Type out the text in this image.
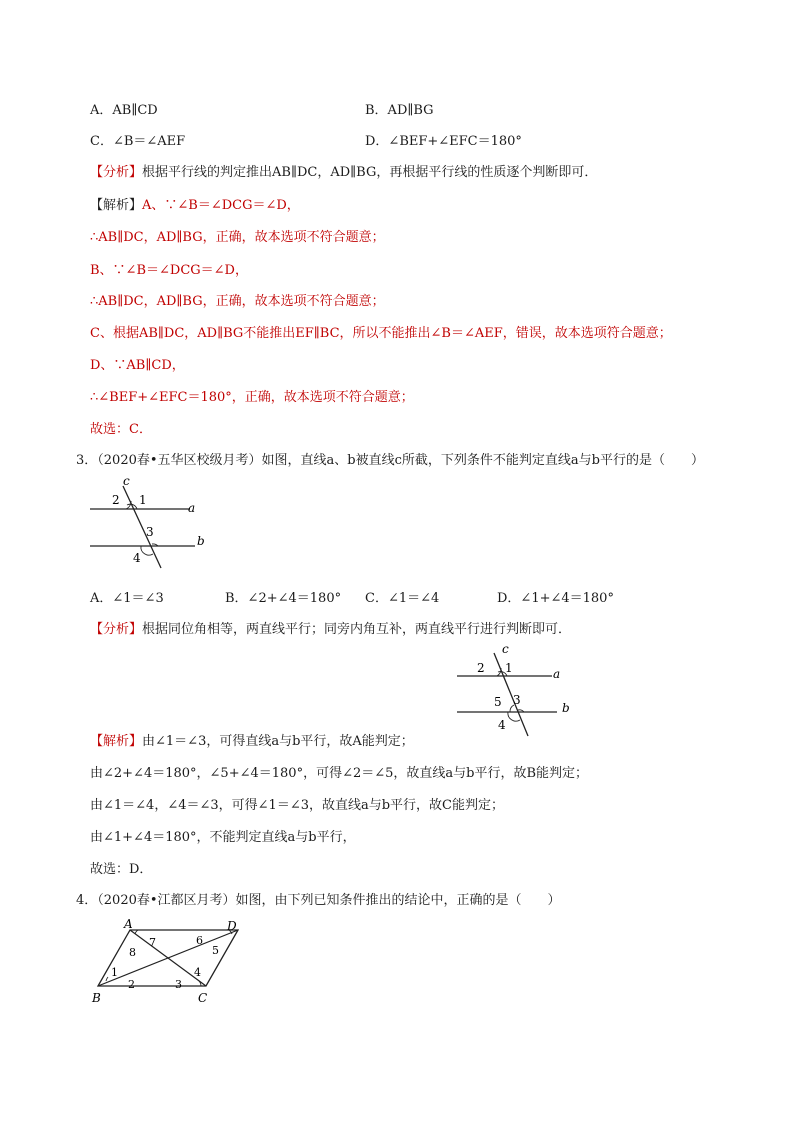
A．AB∥CD	B．AD∥BG
C．∠B＝∠AEF	D．∠BEF+∠EFC＝180°
【分析】根据平行线的判定推出AB∥DC，AD∥BG，再根据平行线的性质逐个判断即可．
【解析】A、∵∠B＝∠DCG＝∠D，
∴AB∥DC，AD∥BG，正确，故本选项不符合题意；
B、∵∠B＝∠DCG＝∠D，
∴AB∥DC，AD∥BG，正确，故本选项不符合题意；
C、根据AB∥DC，AD∥BG不能推出EF∥BC，所以不能推出∠B＝∠AEF，错误，故本选项符合题意；
D、∵AB∥CD，
∴∠BEF+∠EFC＝180°，正确，故本选项不符合题意；
故选：C．
3．（2020春•五华区校级月考）如图，直线a、b被直线c所截，下列条件不能判定直线a与b平行的是（　　）
c
2 1
a
3
b
4
A．∠1＝∠3	B．∠2+∠4＝180° C．∠1＝∠4	D．∠1+∠4＝180°
【分析】根据同位角相等，两直线平行；同旁内角互补，两直线平行进行判断即可．
c
2 1	a
5 3
b
4
【解析】由∠1＝∠3，可得直线a与b平行，故A能判定；
由∠2+∠4＝180°，∠5+∠4＝180°，可得∠2＝∠5，故直线a与b平行，故B能判定；
由∠1＝∠4，∠4＝∠3，可得∠1＝∠3，故直线a与b平行，故C能判定；
由∠1+∠4＝180°，不能判定直线a与b平行，
故选：D．
4．（2020春•江都区月考）如图，由下列已知条件推出的结论中，正确的是（　　）
A	D
B	C
7
8
6
5
1
2	3
4
